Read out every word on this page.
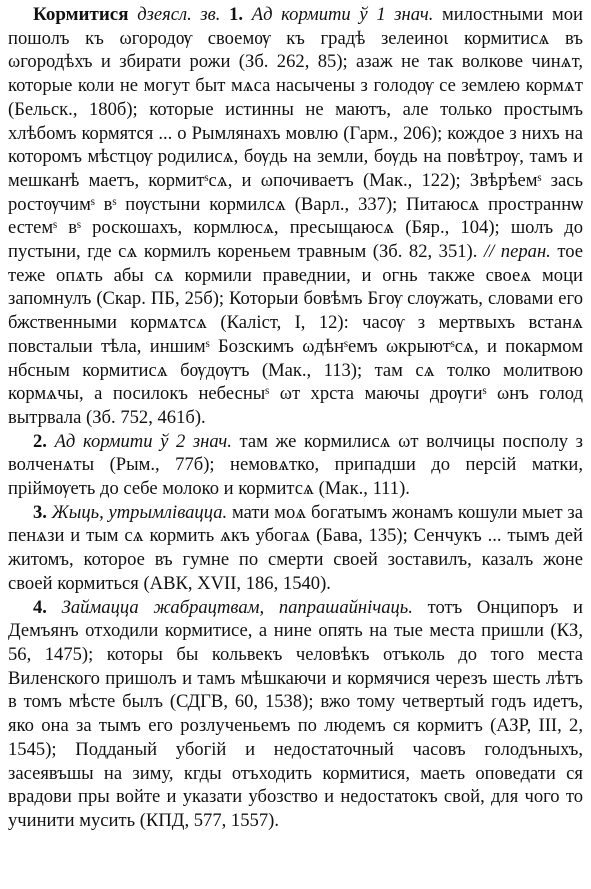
Кормитися дзеясл. зв. 1. Ад кормити ў 1 знач. милостными мои пошолъ къ ωгородѹ своемѹ къ градѣ зелеиноι кормитисѧ въ ωгородѣхъ и збирати рожи (Зб. 262, 85); азаж не так волкове чинѧт, которые коли не могут быт мѧса насычены з голодѹ се землею кормѧт (Бельск., 180б); которые истинны не маютъ, але только простымъ хлѣбомъ кормятся ... о Рымлянахъ мовлю (Гарм., 206); кождое з нихъ на которомъ мѣстцѹ родилисѧ, бѹдь на земли, бѹдь на повѣтрѹ, тамъ и мешканѣ маетъ, кормитˢсѧ, и ωпочиваетъ (Мак., 122); Звѣрѣемˢ зась ростѹчимˢ вˢ пѹстыни кормилсѧ (Варл., 337); Питаюсѧ пространнѡ естемˢ вˢ роскошахъ, кормлюсѧ, пресыщаюсѧ (Бяр., 104); шолъ до пустыни, где сѧ кормилъ кореньем травным (Зб. 82, 351). // перан. тое теже опѧть абы сѧ кормили праведнии, и огнь также своеѧ моци запомнулъ (Скар. ПБ, 25б); Которыи бовѣмъ Бгѹ слѹжать, словами его бжственными кормѧтсѧ (Каліст, I, 12): часѹ з мертвыхъ встанѧ повсталыи тѣла, иншимˢ Бозскимъ ωдѣнˢемъ ωкрыютˢсѧ, и покармом нбсным кормитисѧ бѹдѹтъ (Мак., 113); там сѧ толко молитвою кормѧчы, а посилокъ небесныˢ ωт хрста маючы дрѹгиˢ ωнъ голод вытрвала (Зб. 752, 461б).

2. Ад кормити ў 2 знач. там же кормилисѧ ωт волчицы посполу з волченѧты (Рым., 77б); немовѧтко, припадши до персій матки, пріймѹеть до себе молоко и кормитсѧ (Мак., 111).

3. Жыць, утрымлівацца. мати моѧ богатымъ жонамъ кошули мыет за пенѧзи и тым сѧ кормить ѧкъ убогаѧ (Бава, 135); Сенчукъ ... тымъ дей житомъ, которое въ гумне по смерти своей зоставилъ, казалъ жоне своей кормиться (АВК, XVII, 186, 1540).

4. Займацца жабрацтвам, папрашайнічаць. тотъ Онципоръ и Демъянъ отходили кормитисе, а нине опять на тые места пришли (КЗ, 56, 1475); которы бы кольвекъ человѣкъ отъколь до того места Виленского пришолъ и тамъ мѣшкаючи и кормячися черезъ шесть лѣтъ в томъ мѣсте былъ (СДГВ, 60, 1538); вжо тому четвертый годъ идетъ, яко она за тымъ его розлученьемъ по людемъ ся кормитъ (АЗР, III, 2, 1545); Подданый убогій и недостаточный часовъ голодъныхъ, засеявъшы на зиму, кгды отъходить кормитися, маеть оповедати ся врадови пры войте и указати убозство и недостатокъ свой, для чого то учинити мусить (КПД, 577, 1557).
